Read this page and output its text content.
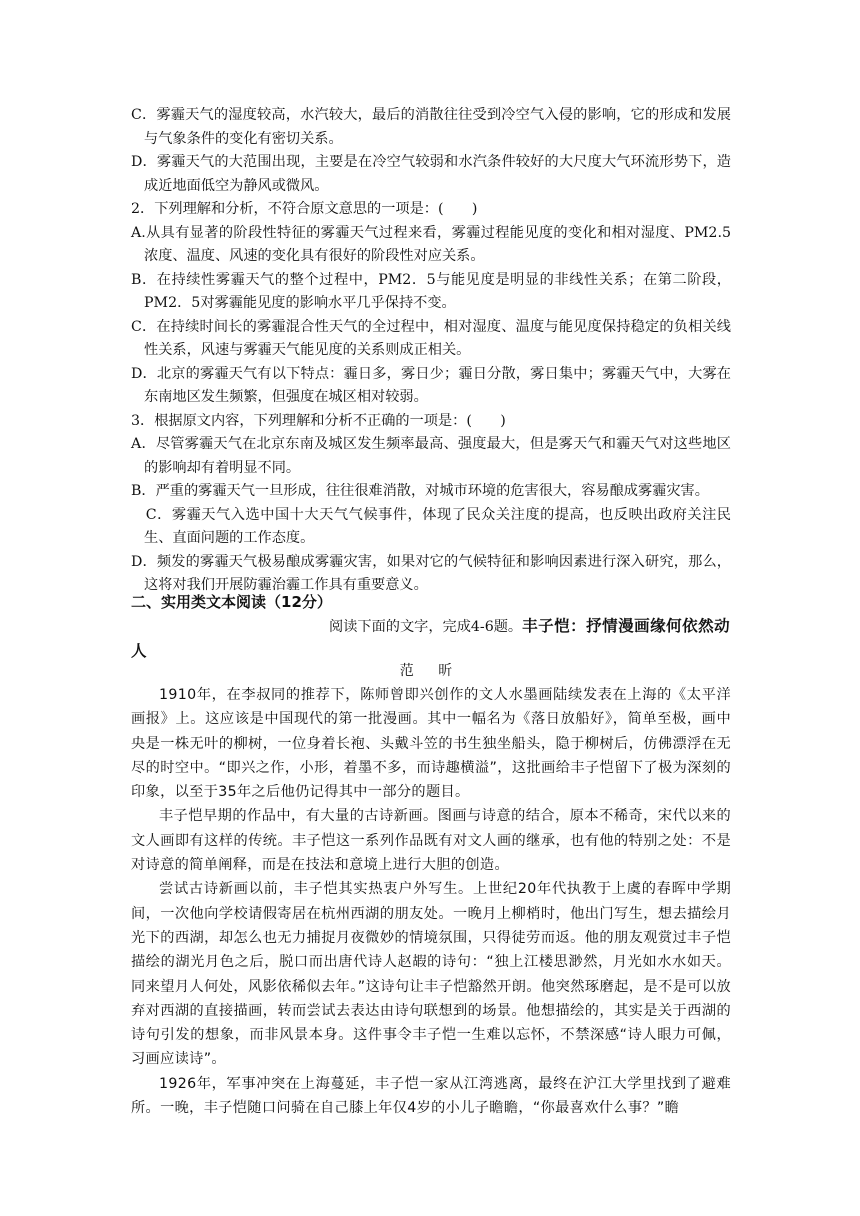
C．雾霾天气的湿度较高，水汽较大，最后的消散往往受到冷空气入侵的影响，它的形成和发展与气象条件的变化有密切关系。

D．雾霾天气的大范围出现，主要是在冷空气较弱和水汽条件较好的大尺度大气环流形势下，造成近地面低空为静风或微风。

2．下列理解和分析，不符合原文意思的一项是：(　　)

A.从具有显著的阶段性特征的雾霾天气过程来看，雾霾过程能见度的变化和相对湿度、PM2.5浓度、温度、风速的变化具有很好的阶段性对应关系。

B．在持续性雾霾天气的整个过程中，PM2．5与能见度是明显的非线性关系；在第二阶段，PM2．5对雾霾能见度的影响水平几乎保持不变。

C．在持续时间长的雾霾混合性天气的全过程中，相对湿度、温度与能见度保持稳定的负相关线性关系，风速与雾霾天气能见度的关系则成正相关。

D．北京的雾霾天气有以下特点：霾日多，雾日少；霾日分散，雾日集中；雾霾天气中，大雾在东南地区发生频繁，但强度在城区相对较弱。

3．根据原文内容，下列理解和分析不正确的一项是：(　　)

A．尽管雾霾天气在北京东南及城区发生频率最高、强度最大，但是雾天气和霾天气对这些地区的影响却有着明显不同。

B．严重的雾霾天气一旦形成，往往很难消散，对城市环境的危害很大，容易酿成雾霾灾害。

　C．雾霾天气入选中国十大天气气候事件，体现了民众关注度的提高，也反映出政府关注民生、直面问题的工作态度。

D．频发的雾霾天气极易酿成雾霾灾害，如果对它的气候特征和影响因素进行深入研究，那么，这将对我们开展防霾治霾工作具有重要意义。

二、实用类文本阅读（12分）
阅读下面的文字，完成4-6题。丰子恺：抒情漫画缘何依然动人
范 昕

1910年，在李叔同的推荐下，陈师曾即兴创作的文人水墨画陆续发表在上海的《太平洋画报》上。这应该是中国现代的第一批漫画。其中一幅名为《落日放船好》，简单至极，画中央是一株无叶的柳树，一位身着长袍、头戴斗笠的书生独坐船头，隐于柳树后，仿佛漂浮在无尽的时空中。“即兴之作，小形，着墨不多，而诗趣横溢”，这批画给丰子恺留下了极为深刻的印象，以至于35年之后他仍记得其中一部分的题目。

丰子恺早期的作品中，有大量的古诗新画。图画与诗意的结合，原本不稀奇，宋代以来的文人画即有这样的传统。丰子恺这一系列作品既有对文人画的继承，也有他的特别之处：不是对诗意的简单阐释，而是在技法和意境上进行大胆的创造。

尝试古诗新画以前，丰子恺其实热衷户外写生。上世纪20年代执教于上虞的春晖中学期间，一次他向学校请假寄居在杭州西湖的朋友处。一晚月上柳梢时，他出门写生，想去描绘月光下的西湖，却怎么也无力捕捉月夜微妙的情境氛围，只得徒劳而返。他的朋友观赏过丰子恺描绘的湖光月色之后，脱口而出唐代诗人赵嘏的诗句：“独上江楼思渺然，月光如水水如天。同来望月人何处，风影依稀似去年。”这诗句让丰子恺豁然开朗。他突然琢磨起，是不是可以放弃对西湖的直接描画，转而尝试去表达由诗句联想到的场景。他想描绘的，其实是关于西湖的诗句引发的想象，而非风景本身。这件事令丰子恺一生难以忘怀，不禁深感“诗人眼力可佩，习画应读诗”。

1926年，军事冲突在上海蔓延，丰子恺一家从江湾逃离，最终在沪江大学里找到了避难所。一晚，丰子恺随口问骑在自己膝上年仅4岁的小儿子瞻瞻，“你最喜欢什么事？”瞻
